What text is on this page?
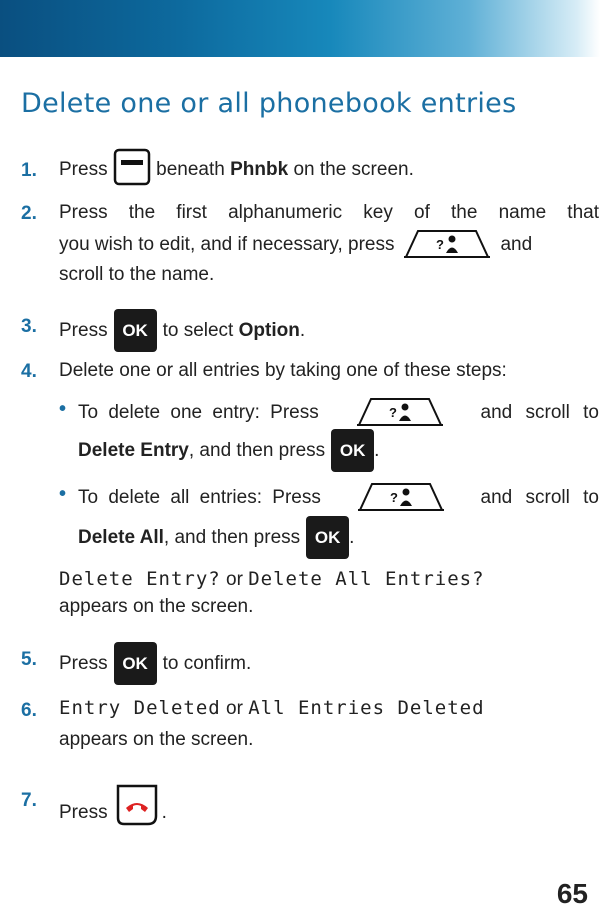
Delete one or all phonebook entries
1. Press	beneath Phnbk on the screen.
2. Press the first alphanumeric key of the name that
you wish to edit, and if necessary, press	?	and
scroll to the name.
3. Press OK to select
Option .
4. Delete one or all entries by taking one of these steps:
• To delete one entry: Press	?	and scroll to
Delete Entry , and then press OK .
• To delete all entries: Press	?	and scroll to
Delete All , and then press OK .
Delete Entry? or Delete All Entries?
appears on the screen.
5. Press OK to confirm.
6. Entry Deleted or All Entries Deleted
appears on the screen.
7.
Press	.
65
